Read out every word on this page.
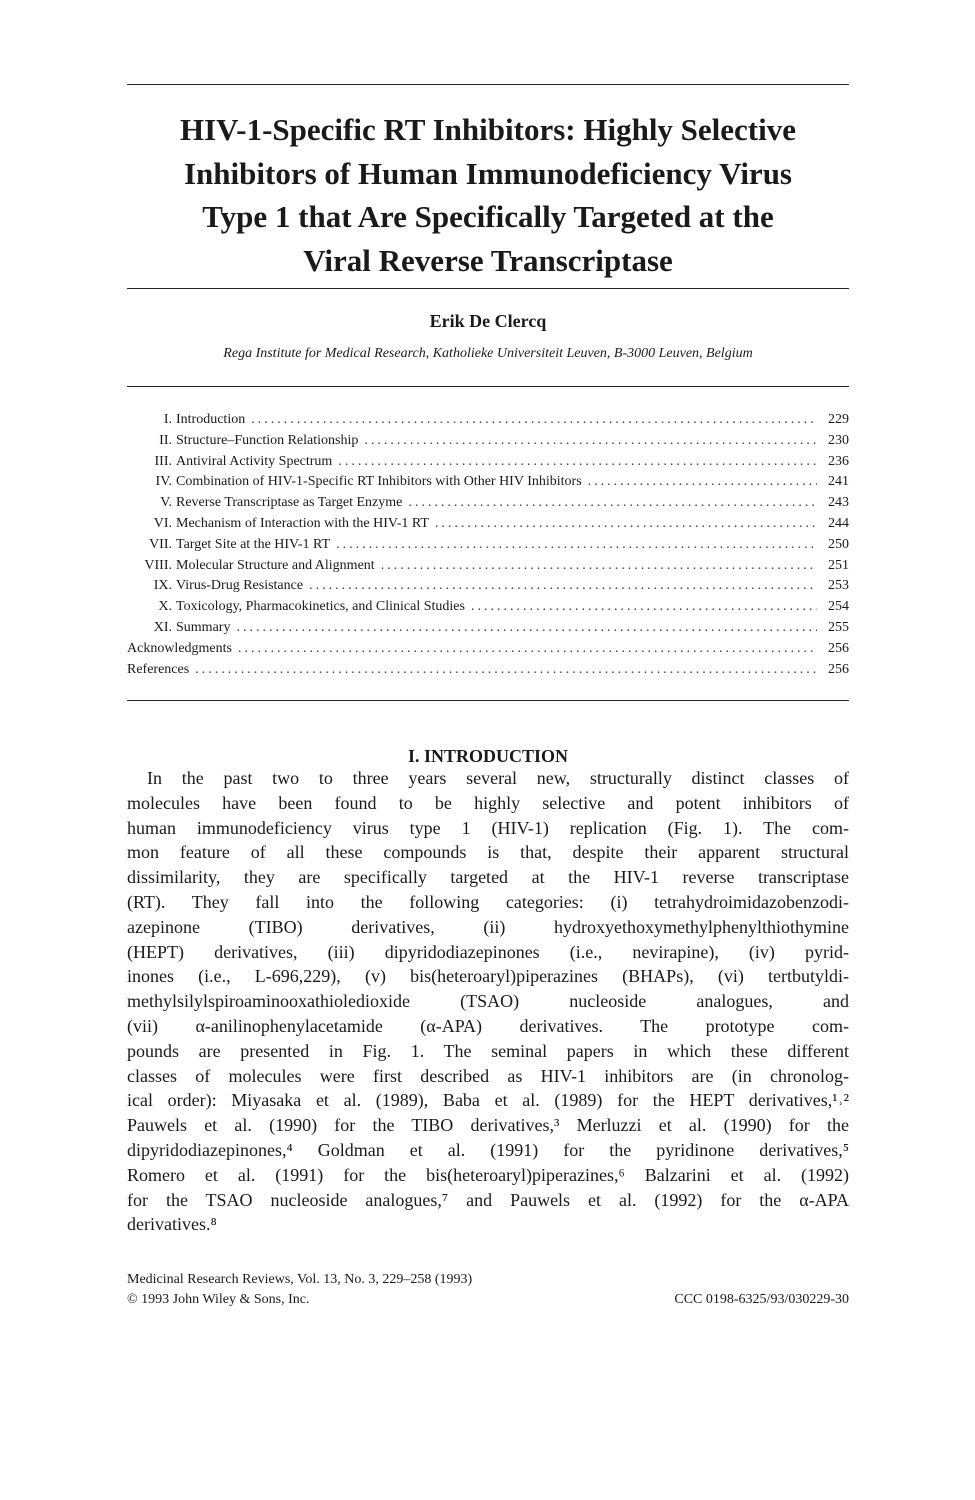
HIV-1-Specific RT Inhibitors: Highly Selective
Inhibitors of Human Immunodeficiency Virus
Type 1 that Are Specifically Targeted at the
Viral Reverse Transcriptase
Erik De Clercq
Rega Institute for Medical Research, Katholieke Universiteit Leuven, B-3000 Leuven, Belgium
I. Introduction .....	229
II. Structure–Function Relationship .....	230
III. Antiviral Activity Spectrum .....	236
IV. Combination of HIV-1-Specific RT Inhibitors with Other HIV Inhibitors .....	241
V. Reverse Transcriptase as Target Enzyme .....	243
VI. Mechanism of Interaction with the HIV-1 RT .....	244
VII. Target Site at the HIV-1 RT .....	250
VIII. Molecular Structure and Alignment .....	251
IX. Virus-Drug Resistance .....	253
X. Toxicology, Pharmacokinetics, and Clinical Studies .....	254
XI. Summary .....	255
Acknowledgments .....	256
References .....	256
I. INTRODUCTION

In the past two to three years several new, structurally distinct classes of
molecules have been found to be highly selective and potent inhibitors of
human immunodeficiency virus type 1 (HIV-1) replication (Fig. 1). The com-
mon feature of all these compounds is that, despite their apparent structural
dissimilarity, they are specifically targeted at the HIV-1 reverse transcriptase
(RT). They fall into the following categories: (i) tetrahydroimidazobenzodi-
azepinone (TIBO) derivatives, (ii) hydroxyethoxymethylphenylthiothymine
(HEPT) derivatives, (iii) dipyridodiazepinones (i.e., nevirapine), (iv) pyrid-
inones (i.e., L-696,229), (v) bis(heteroaryl)piperazines (BHAPs), (vi) tertbutyldi-
methylsilylspiroaminooxathioledioxide (TSAO) nucleoside analogues, and
(vii) α-anilinophenylacetamide (α-APA) derivatives. The prototype com-
pounds are presented in Fig. 1. The seminal papers in which these different
classes of molecules were first described as HIV-1 inhibitors are (in chronolog-
ical order): Miyasaka et al. (1989), Baba et al. (1989) for the HEPT derivatives,¹˒²
Pauwels et al. (1990) for the TIBO derivatives,³ Merluzzi et al. (1990) for the
dipyridodiazepinones,⁴ Goldman et al. (1991) for the pyridinone derivatives,⁵
Romero et al. (1991) for the bis(heteroaryl)piperazines,⁶ Balzarini et al. (1992)
for the TSAO nucleoside analogues,⁷ and Pauwels et al. (1992) for the α-APA
derivatives.⁸

Medicinal Research Reviews, Vol. 13, No. 3, 229–258 (1993)
© 1993 John Wiley & Sons, Inc.	CCC 0198-6325/93/030229-30
